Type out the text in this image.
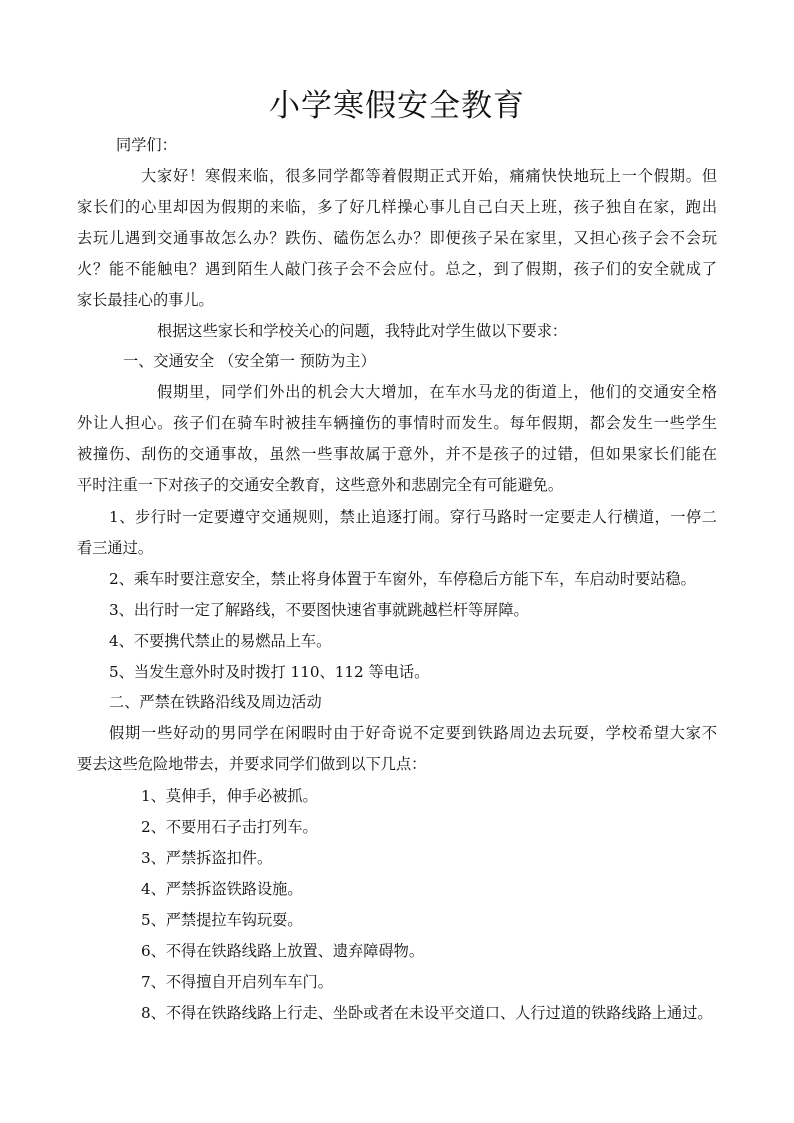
小学寒假安全教育
同学们：
大家好！寒假来临，很多同学都等着假期正式开始，痛痛快快地玩上一个假期。但
家长们的心里却因为假期的来临，多了好几样操心事儿自己白天上班，孩子独自在家，跑出
去玩儿遇到交通事故怎么办？跌伤、磕伤怎么办？即便孩子呆在家里，又担心孩子会不会玩
火？能不能触电？遇到陌生人敲门孩子会不会应付。总之，到了假期，孩子们的安全就成了
家长最挂心的事儿。
根据这些家长和学校关心的问题，我特此对学生做以下要求：
一、交通安全 （安全第一 预防为主）
假期里，同学们外出的机会大大增加，在车水马龙的街道上，他们的交通安全格
外让人担心。孩子们在骑车时被挂车辆撞伤的事情时而发生。每年假期，都会发生一些学生
被撞伤、刮伤的交通事故，虽然一些事故属于意外，并不是孩子的过错，但如果家长们能在
平时注重一下对孩子的交通安全教育，这些意外和悲剧完全有可能避免。
1、步行时一定要遵守交通规则，禁止追逐打闹。穿行马路时一定要走人行横道，一停二
看三通过。
2、乘车时要注意安全，禁止将身体置于车窗外，车停稳后方能下车，车启动时要站稳。
3、出行时一定了解路线，不要图快速省事就跳越栏杆等屏障。
4、不要携代禁止的易燃品上车。
5、当发生意外时及时拨打 110、112 等电话。
二、严禁在铁路沿线及周边活动
假期一些好动的男同学在闲暇时由于好奇说不定要到铁路周边去玩耍，学校希望大家不
要去这些危险地带去，并要求同学们做到以下几点：
1、莫伸手，伸手必被抓。
2、不要用石子击打列车。
3、严禁拆盗扣件。
4、严禁拆盗铁路设施。
5、严禁提拉车钩玩耍。
6、不得在铁路线路上放置、遗弃障碍物。
7、不得擅自开启列车车门。
8、不得在铁路线路上行走、坐卧或者在未设平交道口、人行过道的铁路线路上通过。
